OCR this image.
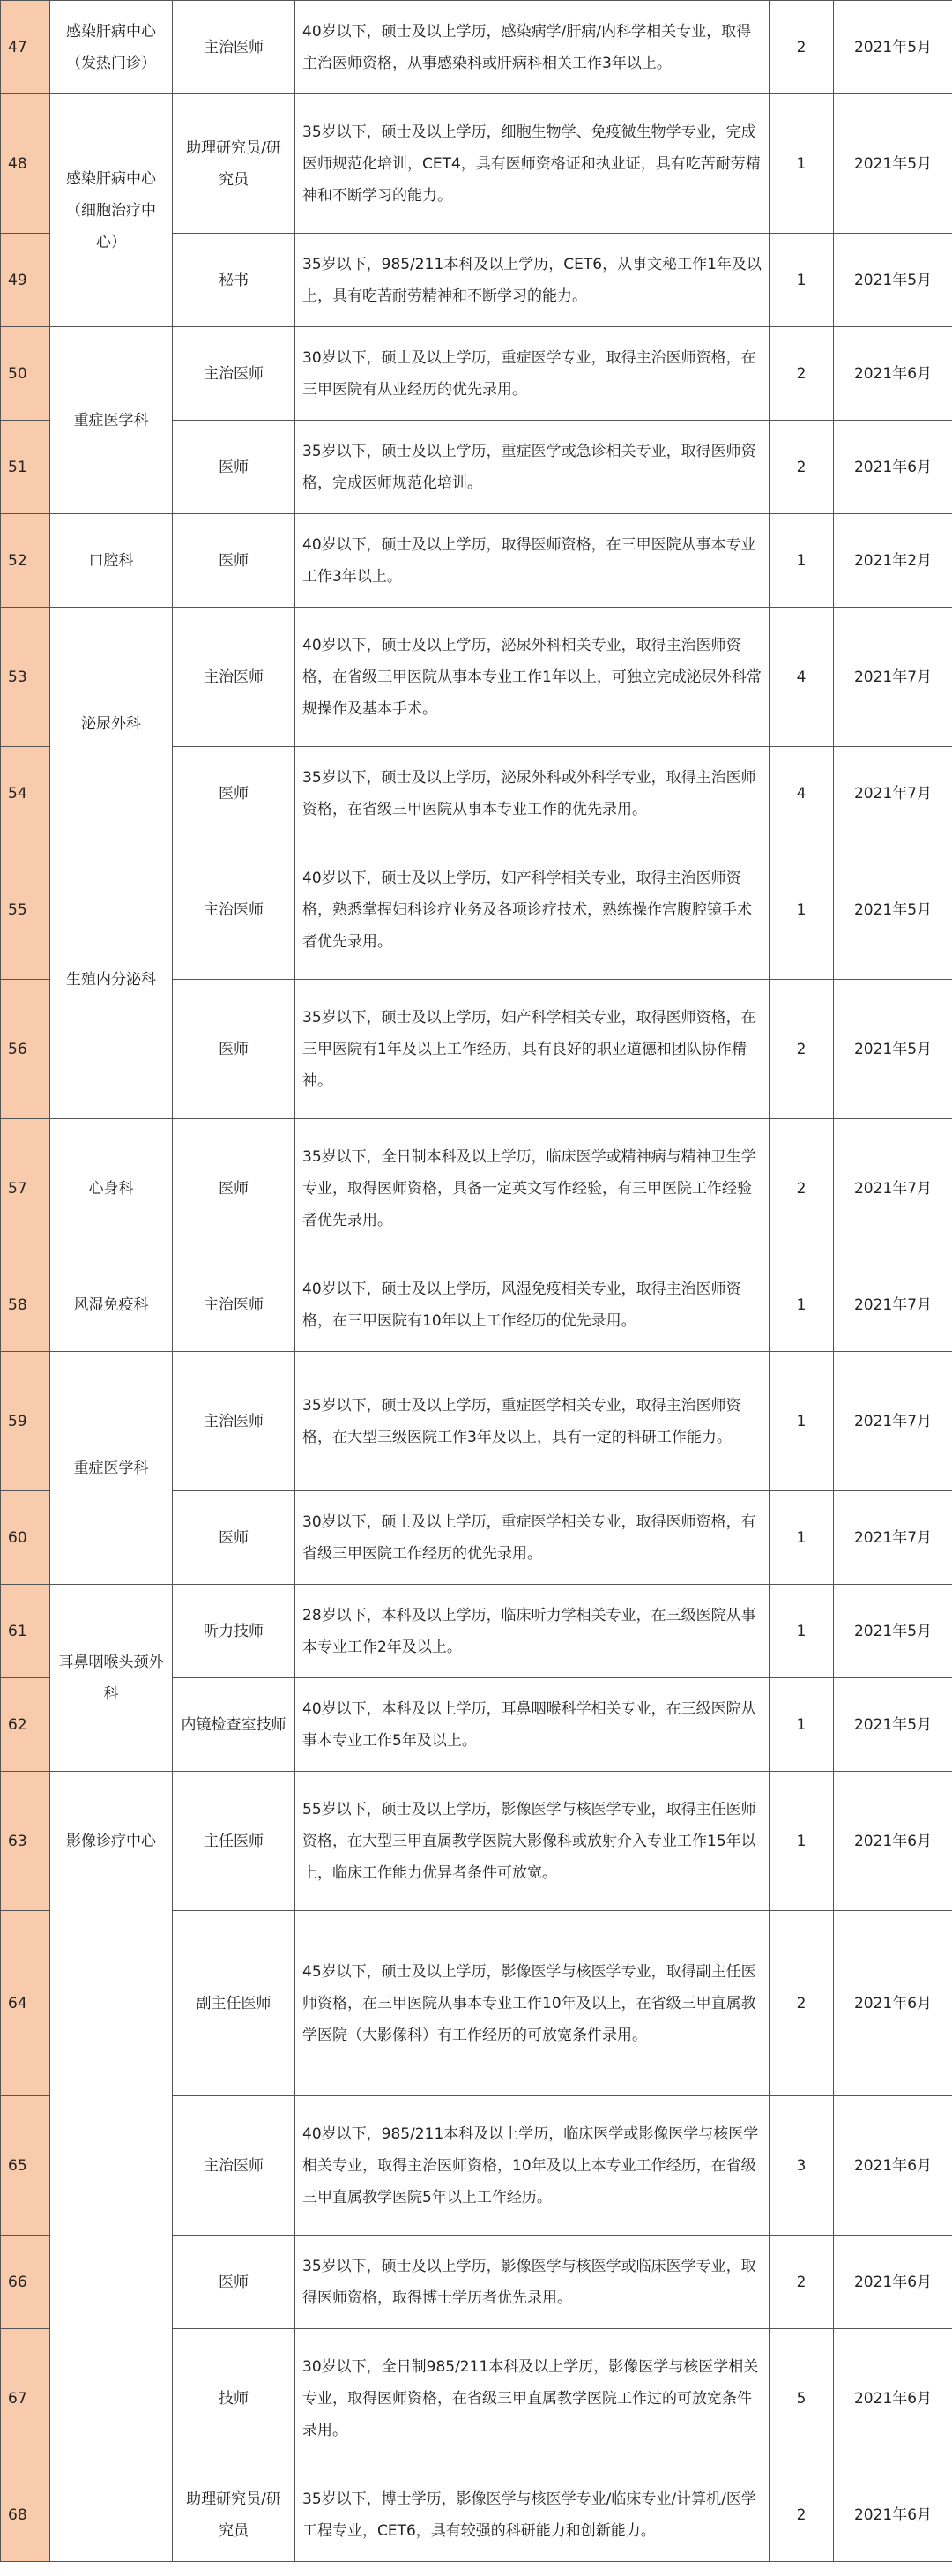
47	感染肝病中心（发热门诊）	主治医师	40岁以下，硕士及以上学历，感染病学/肝病/内科学相关专业，取得主治医师资格，从事感染科或肝病科相关工作3年以上。	2	2021年5月
48	感染肝病中心（细胞治疗中心）	助理研究员/研究员	35岁以下，硕士及以上学历，细胞生物学、免疫微生物学专业，完成医师规范化培训，CET4，具有医师资格证和执业证，具有吃苦耐劳精神和不断学习的能力。	1	2021年5月
49		秘书	35岁以下，985/211本科及以上学历，CET6，从事文秘工作1年及以上，具有吃苦耐劳精神和不断学习的能力。	1	2021年5月
50	重症医学科	主治医师	30岁以下，硕士及以上学历，重症医学专业，取得主治医师资格，在三甲医院有从业经历的优先录用。	2	2021年6月
51		医师	35岁以下，硕士及以上学历，重症医学或急诊相关专业，取得医师资格，完成医师规范化培训。	2	2021年6月
52	口腔科	医师	40岁以下，硕士及以上学历，取得医师资格，在三甲医院从事本专业工作3年以上。	1	2021年2月
53	泌尿外科	主治医师	40岁以下，硕士及以上学历，泌尿外科相关专业，取得主治医师资格，在省级三甲医院从事本专业工作1年以上，可独立完成泌尿外科常规操作及基本手术。	4	2021年7月
54		医师	35岁以下，硕士及以上学历，泌尿外科或外科学专业，取得主治医师资格，在省级三甲医院从事本专业工作的优先录用。	4	2021年7月
55	生殖内分泌科	主治医师	40岁以下，硕士及以上学历，妇产科学相关专业，取得主治医师资格，熟悉掌握妇科诊疗业务及各项诊疗技术，熟练操作宫腹腔镜手术者优先录用。	1	2021年5月
56		医师	35岁以下，硕士及以上学历，妇产科学相关专业，取得医师资格，在三甲医院有1年及以上工作经历，具有良好的职业道德和团队协作精神。	2	2021年5月
57	心身科	医师	35岁以下，全日制本科及以上学历，临床医学或精神病与精神卫生学专业，取得医师资格，具备一定英文写作经验，有三甲医院工作经验者优先录用。	2	2021年7月
58	风湿免疫科	主治医师	40岁以下，硕士及以上学历，风湿免疫相关专业，取得主治医师资格，在三甲医院有10年以上工作经历的优先录用。	1	2021年7月
59	重症医学科	主治医师	35岁以下，硕士及以上学历，重症医学相关专业，取得主治医师资格，在大型三级医院工作3年及以上，具有一定的科研工作能力。	1	2021年7月
60		医师	30岁以下，硕士及以上学历，重症医学相关专业，取得医师资格，有省级三甲医院工作经历的优先录用。	1	2021年7月
61	耳鼻咽喉头颈外科	听力技师	28岁以下，本科及以上学历，临床听力学相关专业，在三级医院从事本专业工作2年及以上。	1	2021年5月
62		内镜检查室技师	40岁以下，本科及以上学历，耳鼻咽喉科学相关专业，在三级医院从事本专业工作5年及以上。	1	2021年5月
63	影像诊疗中心	主任医师	55岁以下，硕士及以上学历，影像医学与核医学专业，取得主任医师资格，在大型三甲直属教学医院大影像科或放射介入专业工作15年以上，临床工作能力优异者条件可放宽。	1	2021年6月
64		副主任医师	45岁以下，硕士及以上学历，影像医学与核医学专业，取得副主任医师资格，在三甲医院从事本专业工作10年及以上，在省级三甲直属教学医院（大影像科）有工作经历的可放宽条件录用。	2	2021年6月
65		主治医师	40岁以下，985/211本科及以上学历，临床医学或影像医学与核医学相关专业，取得主治医师资格，10年及以上本专业工作经历，在省级三甲直属教学医院5年以上工作经历。	3	2021年6月
66		医师	35岁以下，硕士及以上学历，影像医学与核医学或临床医学专业，取得医师资格，取得博士学历者优先录用。	2	2021年6月
67		技师	30岁以下，全日制985/211本科及以上学历，影像医学与核医学相关专业，取得医师资格，在省级三甲直属教学医院工作过的可放宽条件录用。	5	2021年6月
68		助理研究员/研究员	35岁以下，博士学历，影像医学与核医学专业/临床专业/计算机/医学工程专业，CET6，具有较强的科研能力和创新能力。	2	2021年6月
